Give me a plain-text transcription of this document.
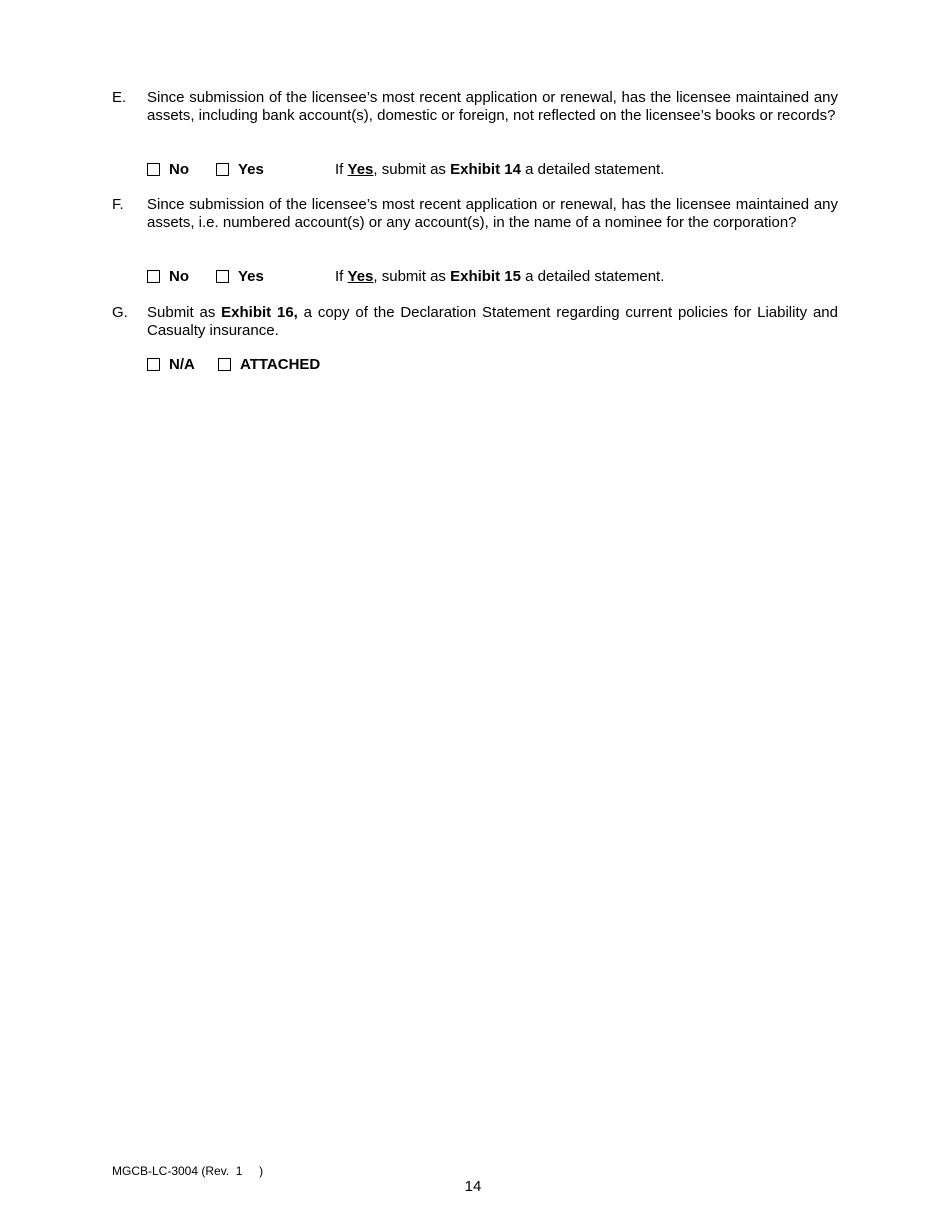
E. Since submission of the licensee’s most recent application or renewal, has the licensee maintained any assets, including bank account(s), domestic or foreign, not reflected on the licensee’s books or records?
No	Yes	If Yes, submit as Exhibit 14 a detailed statement.
F. Since submission of the licensee’s most recent application or renewal, has the licensee maintained any assets, i.e. numbered account(s) or any account(s), in the name of a nominee for the corporation?
No	Yes	If Yes, submit as Exhibit 15 a detailed statement.
G. Submit as Exhibit 16, a copy of the Declaration Statement regarding current policies for Liability and Casualty insurance.
N/A	ATTACHED
MGCB-LC-3004 (Rev.  1     )
14
